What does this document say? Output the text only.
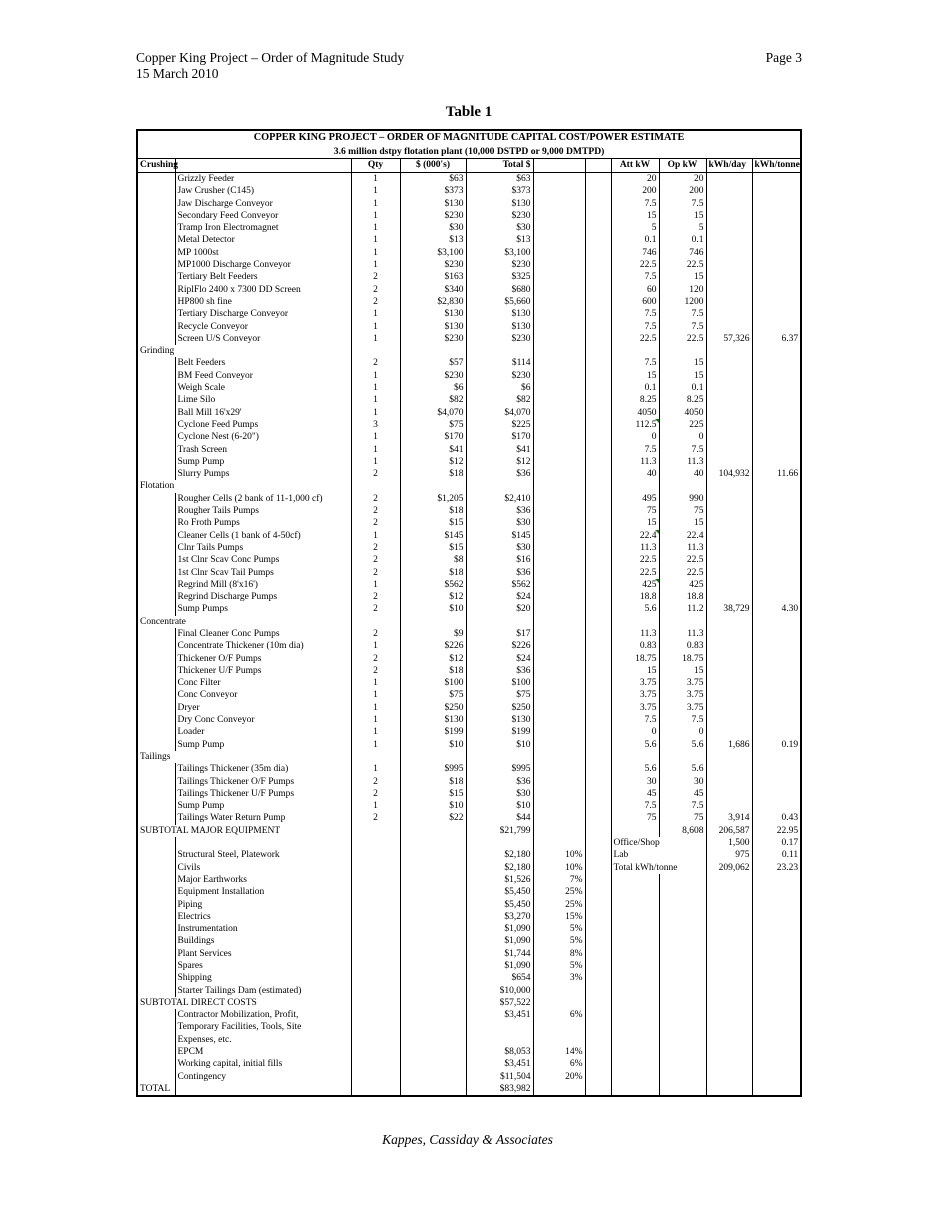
Copper King Project – Order of Magnitude Study
15 March 2010
Page 3
Table 1
COPPER KING PROJECT – ORDER OF MAGNITUDE CAPITAL COST/POWER ESTIMATE										
3.6 million dstpy flotation plant (10,000 DSTPD or 9,000 DMTPD)										
Crushing		Qty	$ (000's)	Total $			Att kW	Op kW	kWh/day	kWh/tonne
	Grizzly Feeder	1	$63	$63			20	20		
	Jaw Crusher (C145)	1	$373	$373			200	200		
	Jaw Discharge Conveyor	1	$130	$130			7.5	7.5		
	Secondary Feed Conveyor	1	$230	$230			15	15		
	Tramp Iron Electromagnet	1	$30	$30			5	5		
	Metal Detector	1	$13	$13			0.1	0.1		
	MP 1000st	1	$3,100	$3,100			746	746		
	MP1000 Discharge Conveyor	1	$230	$230			22.5	22.5		
	Tertiary Belt Feeders	2	$163	$325			7.5	15		
	RiplFlo 2400 x 7300 DD Screen	2	$340	$680			60	120		
	HP800 sh fine	2	$2,830	$5,660			600	1200		
	Tertiary Discharge Conveyor	1	$130	$130			7.5	7.5		
	Recycle Conveyor	1	$130	$130			7.5	7.5		
	Screen U/S Conveyor	1	$230	$230			22.5	22.5	57,326	6.37
Grinding										
	Belt Feeders	2	$57	$114			7.5	15		
	BM Feed Conveyor	1	$230	$230			15	15		
	Weigh Scale	1	$6	$6			0.1	0.1		
	Lime Silo	1	$82	$82			8.25	8.25		
	Ball Mill 16'x29'	1	$4,070	$4,070			4050	4050		
	Cyclone Feed Pumps	3	$75	$225			112.5	225		
	Cyclone Nest (6-20")	1	$170	$170			0	0		
	Trash Screen	1	$41	$41			7.5	7.5		
	Sump Pump	1	$12	$12			11.3	11.3		
	Slurry Pumps	2	$18	$36			40	40	104,932	11.66
Flotation										
	Rougher Cells (2 bank of 11-1,000 cf)	2	$1,205	$2,410			495	990		
	Rougher Tails Pumps	2	$18	$36			75	75		
	Ro Froth Pumps	2	$15	$30			15	15		
	Cleaner Cells (1 bank of 4-50cf)	1	$145	$145			22.4	22.4		
	Clnr Tails Pumps	2	$15	$30			11.3	11.3		
	1st Clnr Scav Conc Pumps	2	$8	$16			22.5	22.5		
	1st Clnr Scav Tail Pumps	2	$18	$36			22.5	22.5		
	Regrind Mill (8'x16')	1	$562	$562			425	425		
	Regrind Discharge Pumps	2	$12	$24			18.8	18.8		
	Sump Pumps	2	$10	$20			5.6	11.2	38,729	4.30
Concentrate										
	Final Cleaner Conc Pumps	2	$9	$17			11.3	11.3		
	Concentrate Thickener (10m dia)	1	$226	$226			0.83	0.83		
	Thickener O/F Pumps	2	$12	$24			18.75	18.75		
	Thickener U/F Pumps	2	$18	$36			15	15		
	Conc Filter	1	$100	$100			3.75	3.75		
	Conc Conveyor	1	$75	$75			3.75	3.75		
	Dryer	1	$250	$250			3.75	3.75		
	Dry Conc Conveyor	1	$130	$130			7.5	7.5		
	Loader	1	$199	$199			0	0		
	Sump Pump	1	$10	$10			5.6	5.6	1,686	0.19
Tailings										
	Tailings Thickener (35m dia)	1	$995	$995			5.6	5.6		
	Tailings Thickener O/F Pumps	2	$18	$36			30	30		
	Tailings Thickener U/F Pumps	2	$15	$30			45	45		
	Sump Pump	1	$10	$10			7.5	7.5		
	Tailings Water Return Pump	2	$22	$44			75	75	3,914	0.43
SUBTOTAL MAJOR EQUIPMENT				$21,799				8,608	206,587	22.95
							Office/Shop		1,500	0.17
	Structural Steel, Platework			$2,180	10%		Lab		975	0.11
	Civils			$2,180	10%		Total kWh/tonne		209,062	23.23
	Major Earthworks			$1,526	7%					
	Equipment Installation			$5,450	25%					
	Piping			$5,450	25%					
	Electrics			$3,270	15%					
	Instrumentation			$1,090	5%					
	Buildings			$1,090	5%					
	Plant Services			$1,744	8%					
	Spares			$1,090	5%					
	Shipping			$654	3%					
	Starter Tailings Dam (estimated)			$10,000						
SUBTOTAL DIRECT COSTS				$57,522						
	Contractor Mobilization, Profit,			$3,451	6%					
	Temporary Facilities, Tools, Site									
	Expenses, etc.									
	EPCM			$8,053	14%					
	Working capital, initial fills			$3,451	6%					
	Contingency			$11,504	20%					
TOTAL				$83,982						
Kappes, Cassiday & Associates
